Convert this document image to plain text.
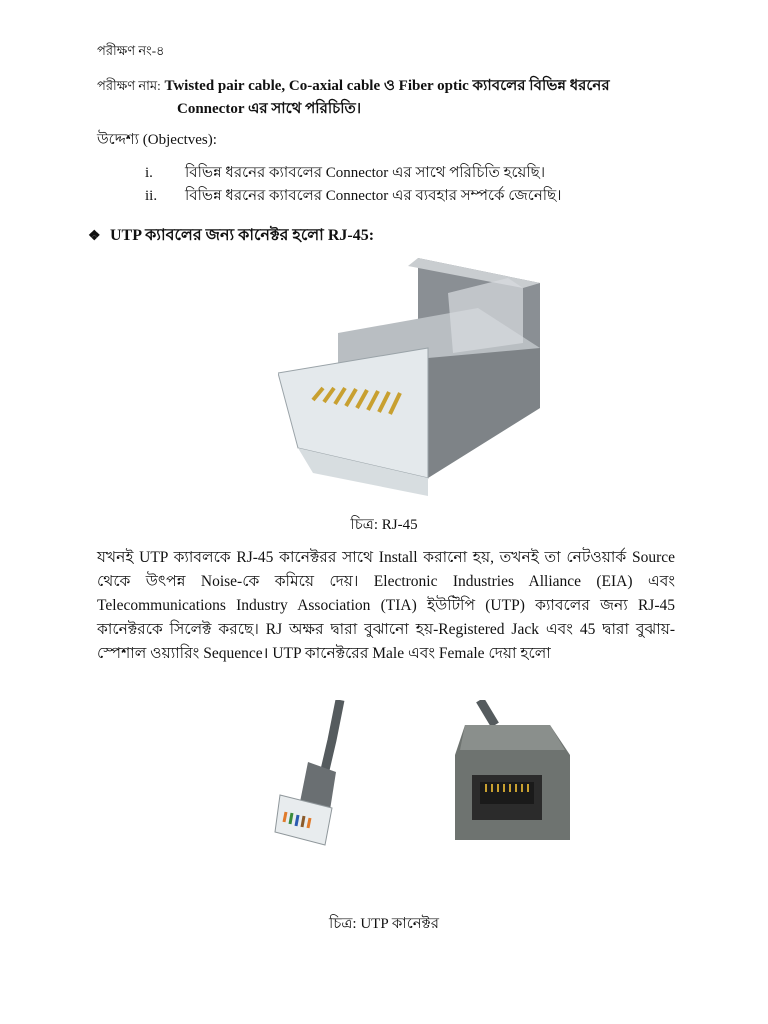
পরীক্ষণ নং-৪
পরীক্ষণ নাম: Twisted pair cable, Co-axial cable ও Fiber optic ক্যাবলের বিভিন্ন ধরনের
Connector এর সাথে পরিচিতি।
উদ্দেশ্য (Objectves):
i.	বিভিন্ন ধরনের ক্যাবলের Connector এর সাথে পরিচিতি হয়েছি।
ii.	বিভিন্ন ধরনের ক্যাবলের Connector এর ব্যবহার সম্পর্কে জেনেছি।
❖ UTP ক্যাবলের জন্য কানেক্টর হলো RJ-45:
চিত্র: RJ-45
যখনই UTP ক্যাবলকে RJ-45 কানেক্টরর সাথে Install করানো হয়, তখনই তা নেটওয়ার্ক Source থেকে উৎপন্ন Noise-কে কমিয়ে দেয়। Electronic Industries Alliance (EIA) এবং Telecommunications Industry Association (TIA) ইউটিপি (UTP) ক্যাবলের জন্য RJ-45 কানেক্টরকে সিলেক্ট করছে। RJ অক্ষর দ্বারা বুঝানো হয়-Registered Jack এবং 45 দ্বারা বুঝায়-স্পেশাল ওয়্যারিং Sequence। UTP কানেক্টরের Male এবং Female দেয়া হলো
চিত্র: UTP কানেক্টর
